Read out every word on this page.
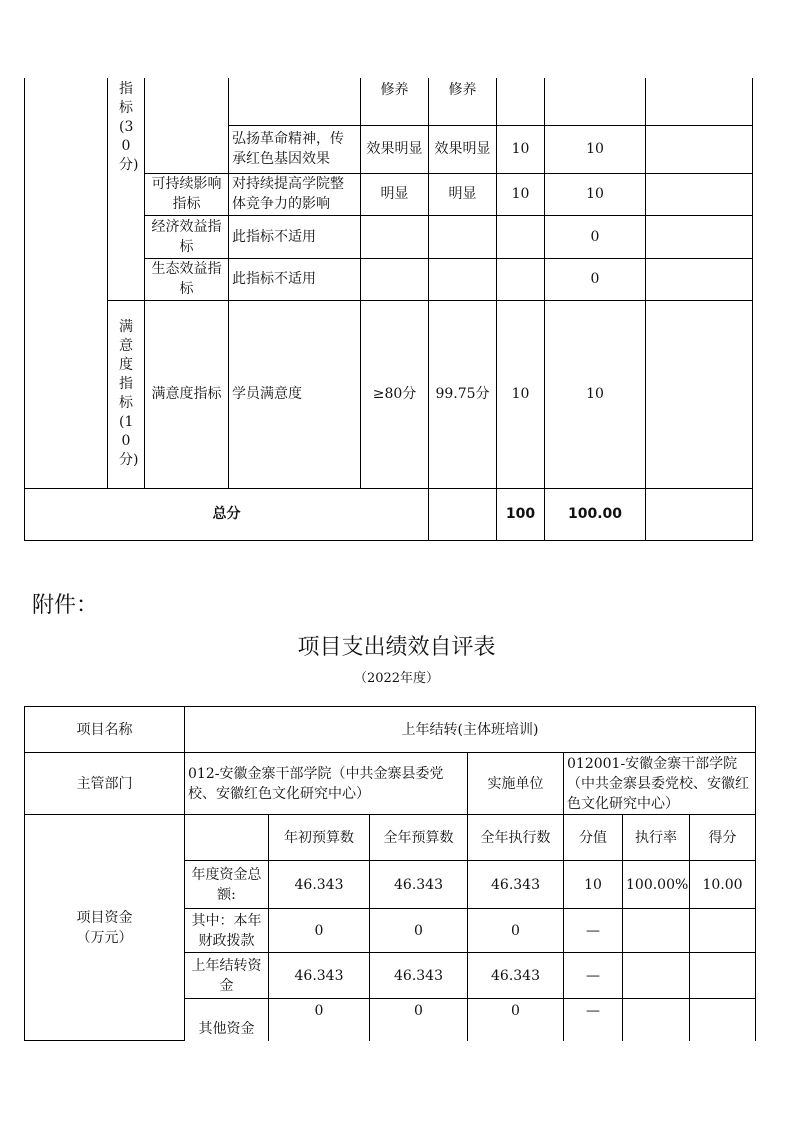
	指标(30分)			修养	修养			
			弘扬革命精神，传承红色基因效果	效果明显	效果明显	10	10	
		可持续影响指标	对持续提高学院整体竞争力的影响	明显	明显	10	10	
		经济效益指标	此指标不适用				0	
		生态效益指标	此指标不适用				0	
	满意度指标(10分)	满意度指标	学员满意度	≥80分	99.75分	10	10	
总分						100	100.00	
附件：
项目支出绩效自评表
（2022年度）
项目名称	上年结转(主体班培训)						
主管部门	012-安徽金寨干部学院（中共金寨县委党校、安徽红色文化研究中心）			实施单位	012001-安徽金寨干部学院（中共金寨县委党校、安徽红色文化研究中心）		
项目资金（万元）		年初预算数	全年预算数	全年执行数	分值	执行率	得分
	年度资金总额:	46.343	46.343	46.343	10	100.00%	10.00
	其中：本年财政拨款	0	0	0	—		
	上年结转资金	46.343	46.343	46.343	—		
	其他资金	0	0	0	—		
